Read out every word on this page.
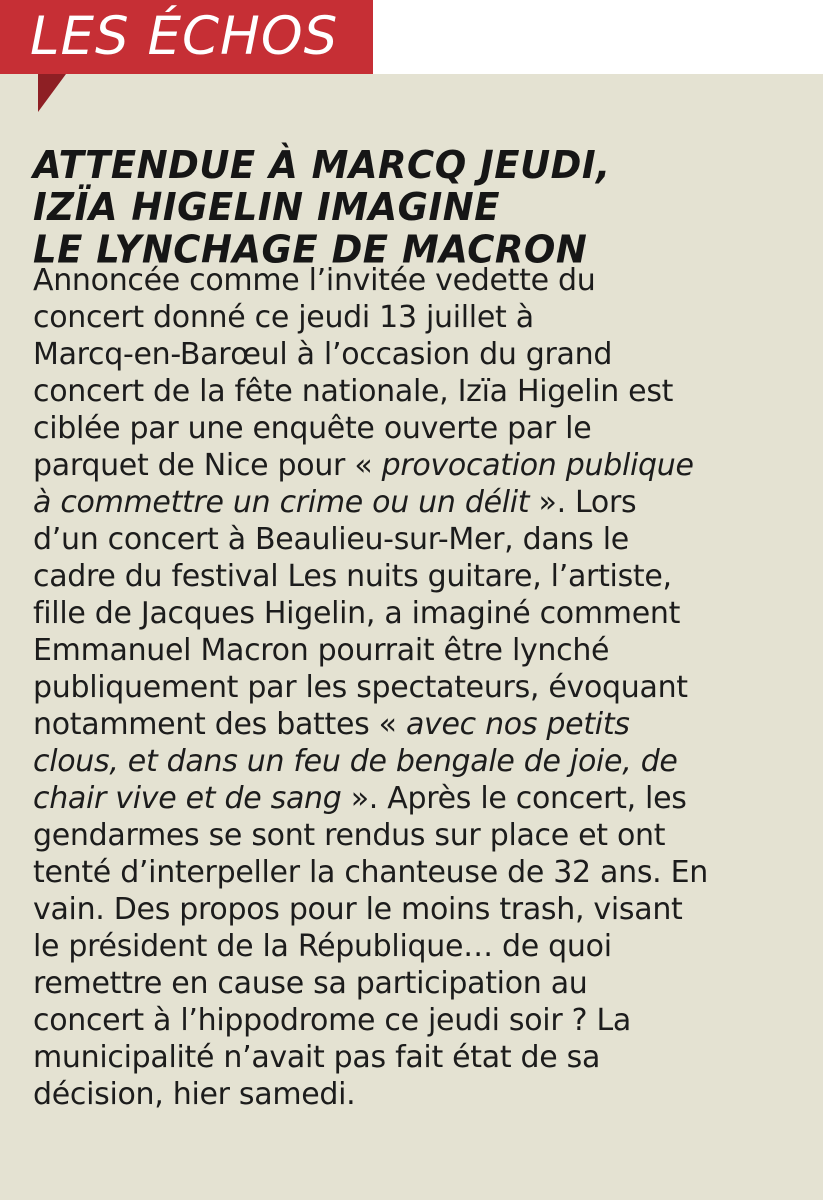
LES ÉCHOS
ATTENDUE À MARCQ JEUDI,
IZÏA HIGELIN IMAGINE
LE LYNCHAGE DE MACRON
Annoncée comme l’invitée vedette du
concert donné ce jeudi 13 juillet à
Marcq-en-Barœul à l’occasion du grand
concert de la fête nationale, Izïa Higelin est
ciblée par une enquête ouverte par le
parquet de Nice pour « provocation publique
à commettre un crime ou un délit ». Lors
d’un concert à Beaulieu-sur-Mer, dans le
cadre du festival Les nuits guitare, l’artiste,
fille de Jacques Higelin, a imaginé comment
Emmanuel Macron pourrait être lynché
publiquement par les spectateurs, évoquant
notamment des battes « avec nos petits
clous, et dans un feu de bengale de joie, de
chair vive et de sang ». Après le concert, les
gendarmes se sont rendus sur place et ont
tenté d’interpeller la chanteuse de 32 ans. En
vain. Des propos pour le moins trash, visant
le président de la République… de quoi
remettre en cause sa participation au
concert à l’hippodrome ce jeudi soir ? La
municipalité n’avait pas fait état de sa
décision, hier samedi.
